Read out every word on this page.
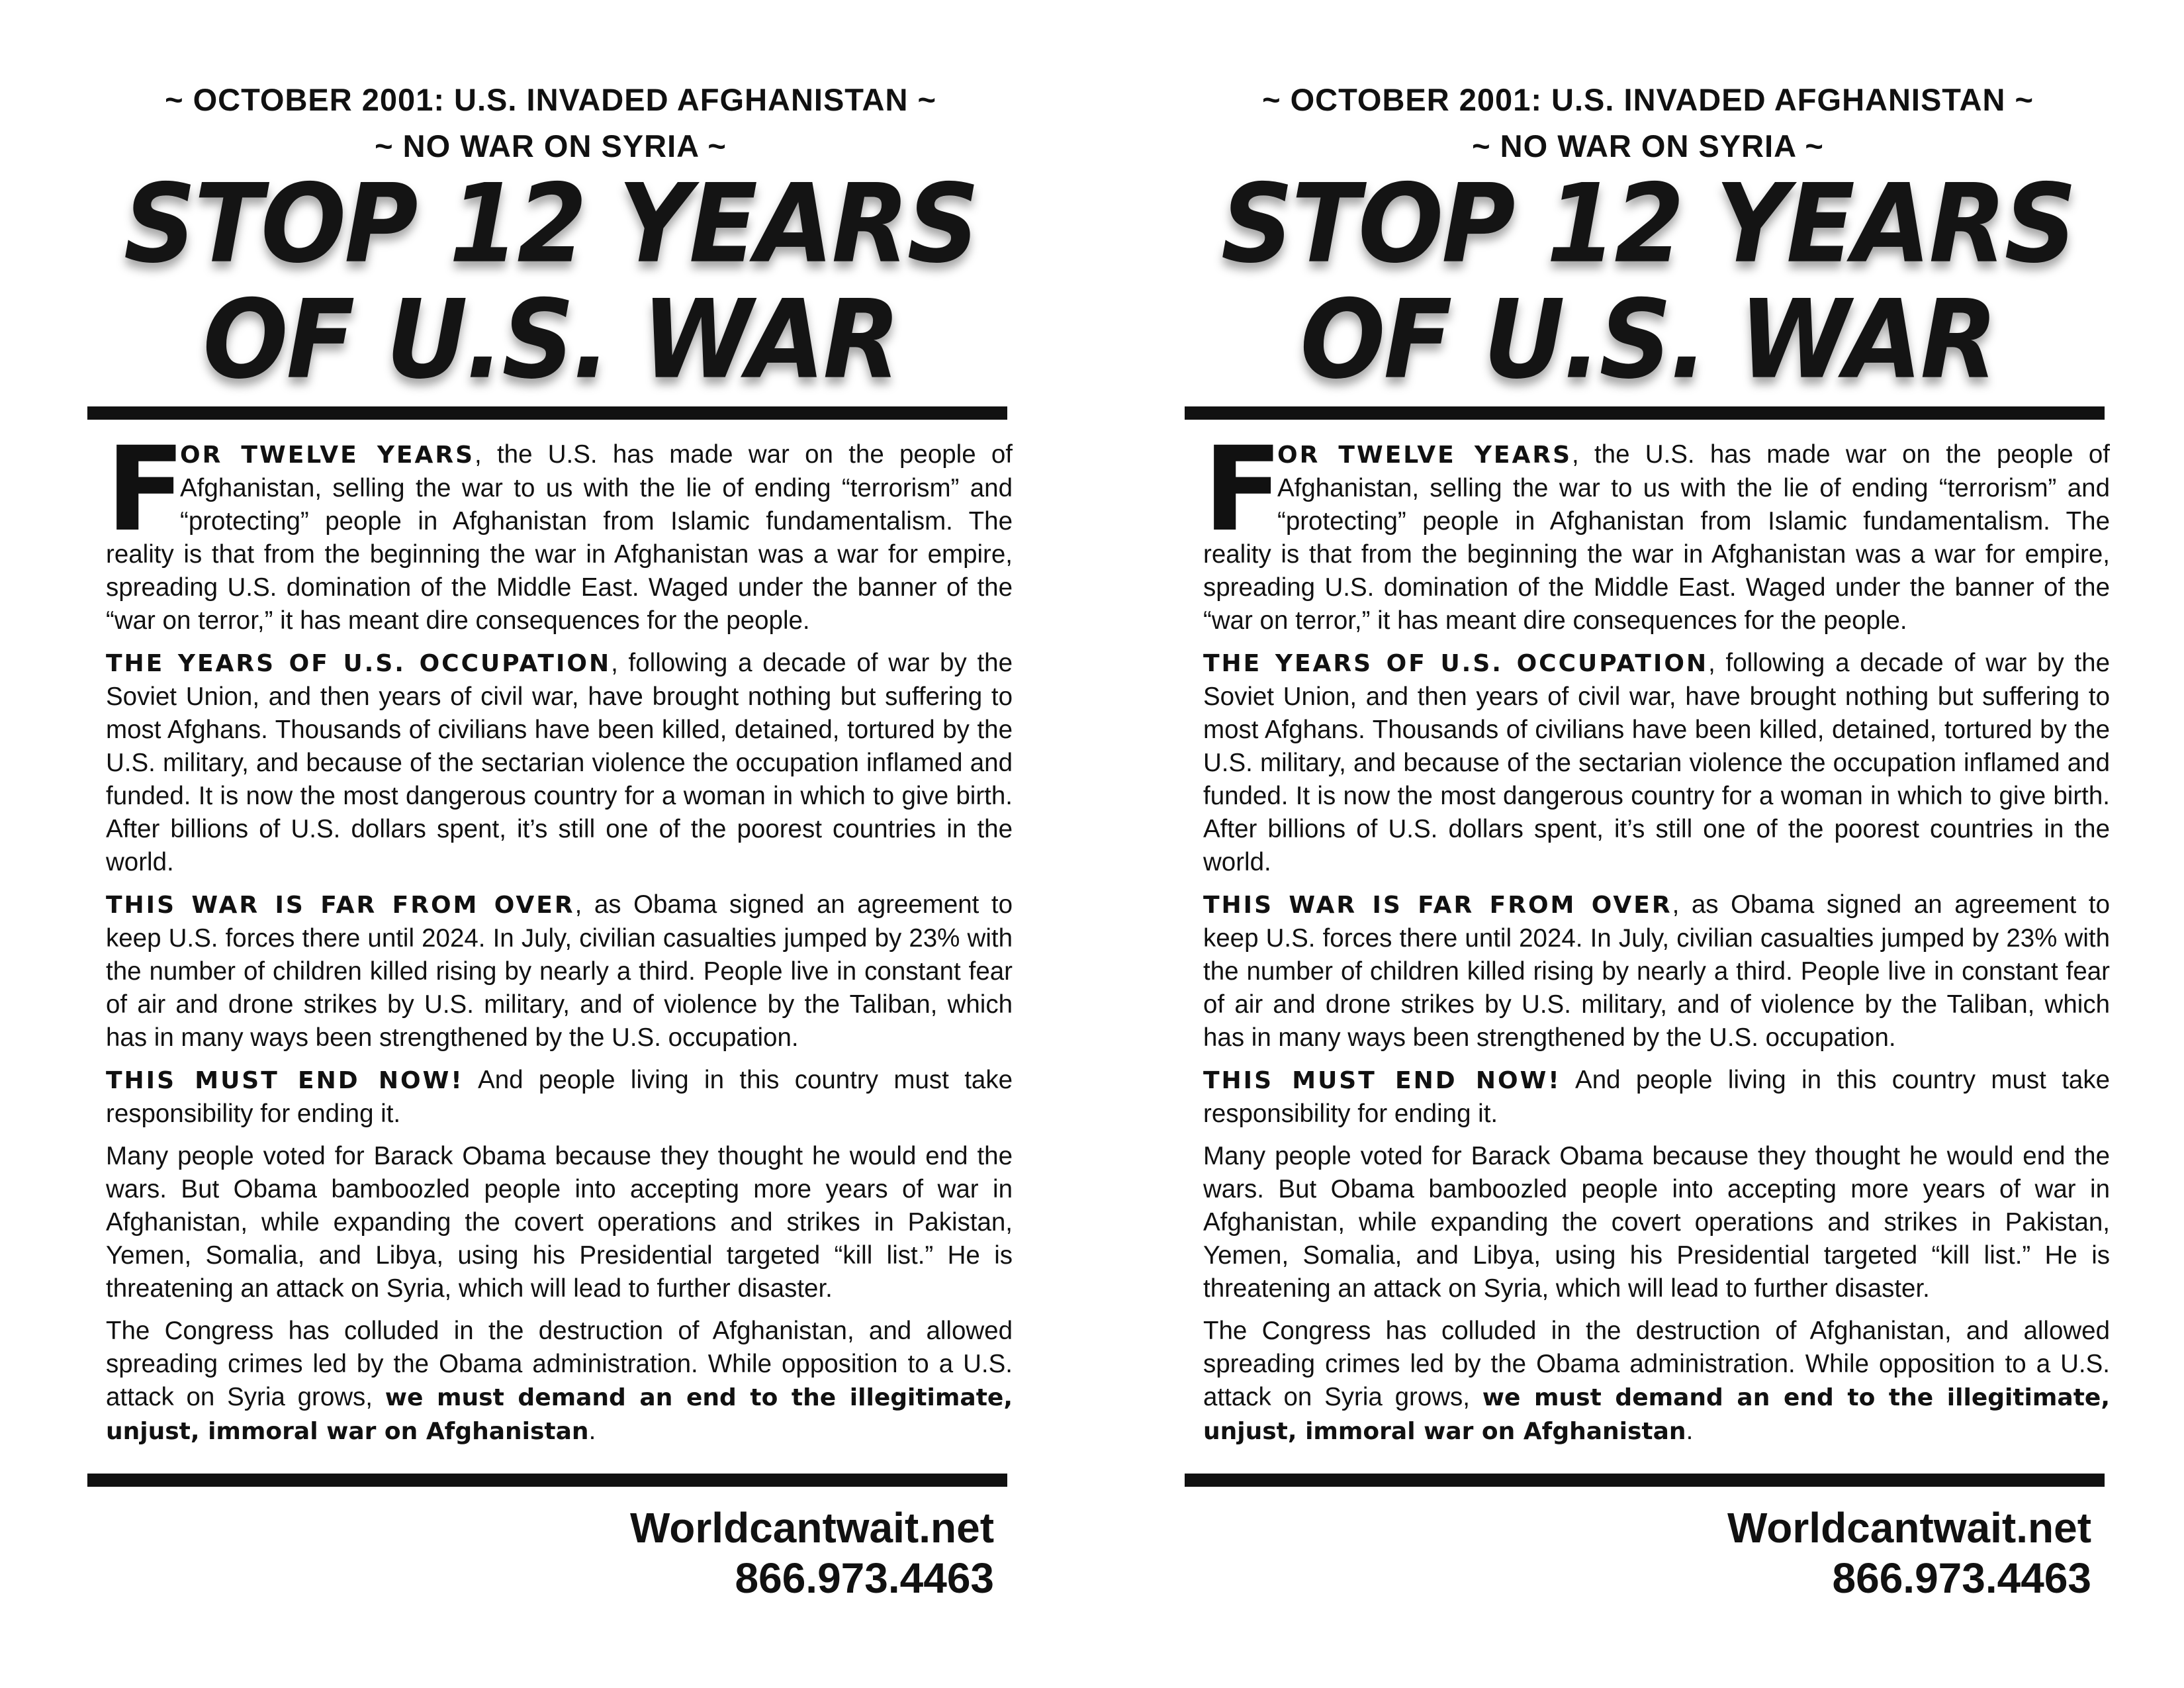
~ OCTOBER 2001: U.S. INVADED AFGHANISTAN ~
~ NO WAR ON SYRIA ~
STOP 12 YEARS
OF U.S. WAR

F
OR TWELVE YEARS, the U.S. has made war on the people of Afghanistan, selling the war to us with the lie of ending “terrorism” and “protecting” people in Afghanistan from Islamic fundamentalism. The reality is that from the beginning the war in Afghanistan was a war for empire, spreading U.S. domination of the Middle East. Waged under the banner of the “war on terror,” it has meant dire consequences for the people.

THE YEARS OF U.S. OCCUPATION, following a decade of war by the Soviet Union, and then years of civil war, have brought nothing but suffering to most Afghans. Thousands of civilians have been killed, detained, tortured by the U.S. military, and because of the sectarian violence the occupation inflamed and funded. It is now the most dangerous country for a woman in which to give birth. After billions of U.S. dollars spent, it’s still one of the poorest countries in the world.

THIS WAR IS FAR FROM OVER, as Obama signed an agreement to keep U.S. forces there until 2024. In July, civilian casualties jumped by 23% with the number of children killed rising by nearly a third. People live in constant fear of air and drone strikes by U.S. military, and of violence by the Taliban, which has in many ways been strengthened by the U.S. occupation.

THIS MUST END NOW! And people living in this country must take responsibility for ending it.

Many people voted for Barack Obama because they thought he would end the wars. But Obama bamboozled people into accepting more years of war in Afghanistan, while expanding the covert operations and strikes in Pakistan, Yemen, Somalia, and Libya, using his Presidential targeted “kill list.” He is threatening an attack on Syria, which will lead to further disaster.

The Congress has colluded in the destruction of Afghanistan, and allowed spreading crimes led by the Obama administration. While opposition to a U.S. attack on Syria grows, we must demand an end to the illegitimate, unjust, immoral war on Afghanistan.

Worldcantwait.net
866.973.4463
~ OCTOBER 2001: U.S. INVADED AFGHANISTAN ~
~ NO WAR ON SYRIA ~
STOP 12 YEARS
OF U.S. WAR

F
OR TWELVE YEARS, the U.S. has made war on the people of Afghanistan, selling the war to us with the lie of ending “terrorism” and “protecting” people in Afghanistan from Islamic fundamentalism. The reality is that from the beginning the war in Afghanistan was a war for empire, spreading U.S. domination of the Middle East. Waged under the banner of the “war on terror,” it has meant dire consequences for the people.

THE YEARS OF U.S. OCCUPATION, following a decade of war by the Soviet Union, and then years of civil war, have brought nothing but suffering to most Afghans. Thousands of civilians have been killed, detained, tortured by the U.S. military, and because of the sectarian violence the occupation inflamed and funded. It is now the most dangerous country for a woman in which to give birth. After billions of U.S. dollars spent, it’s still one of the poorest countries in the world.

THIS WAR IS FAR FROM OVER, as Obama signed an agreement to keep U.S. forces there until 2024. In July, civilian casualties jumped by 23% with the number of children killed rising by nearly a third. People live in constant fear of air and drone strikes by U.S. military, and of violence by the Taliban, which has in many ways been strengthened by the U.S. occupation.

THIS MUST END NOW! And people living in this country must take responsibility for ending it.

Many people voted for Barack Obama because they thought he would end the wars. But Obama bamboozled people into accepting more years of war in Afghanistan, while expanding the covert operations and strikes in Pakistan, Yemen, Somalia, and Libya, using his Presidential targeted “kill list.” He is threatening an attack on Syria, which will lead to further disaster.

The Congress has colluded in the destruction of Afghanistan, and allowed spreading crimes led by the Obama administration. While opposition to a U.S. attack on Syria grows, we must demand an end to the illegitimate, unjust, immoral war on Afghanistan.

Worldcantwait.net
866.973.4463
